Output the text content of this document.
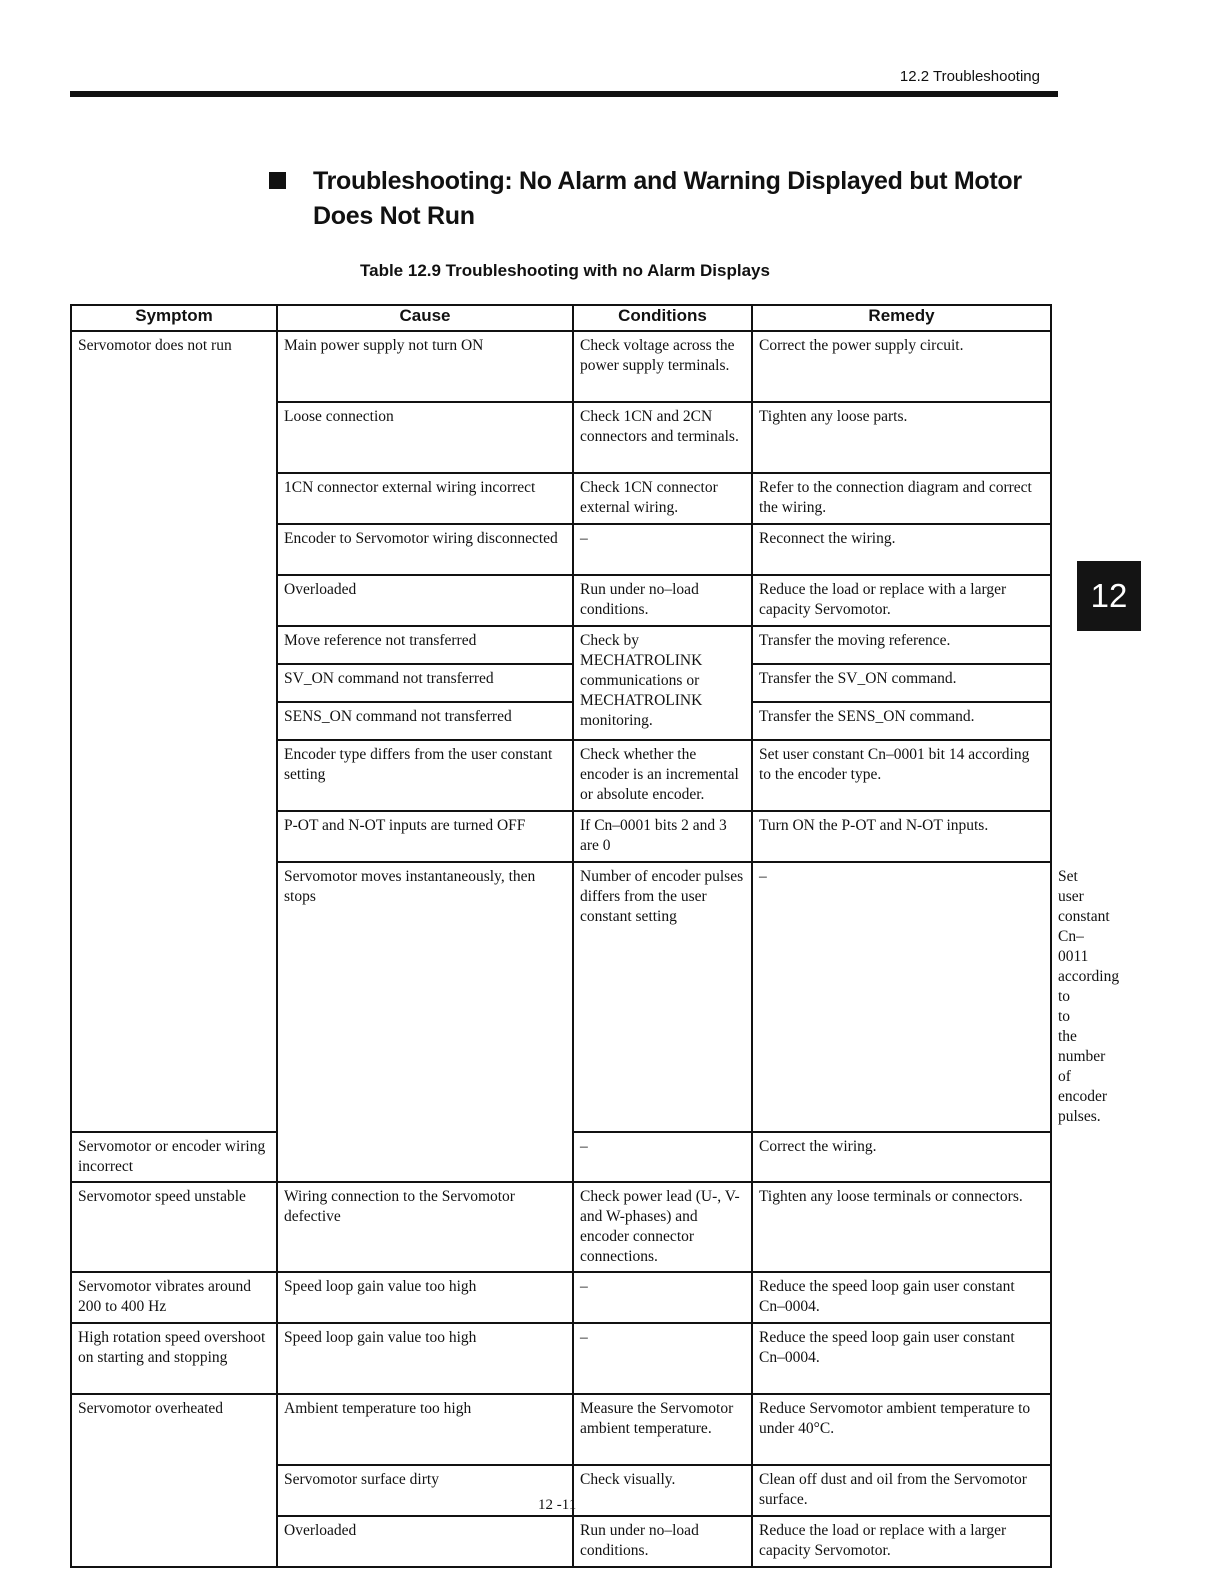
12.2 Troubleshooting
Troubleshooting: No Alarm and Warning Displayed but Motor Does Not Run
Table 12.9 Troubleshooting with no Alarm Displays
Symptom	Cause	Conditions	Remedy	
Servomotor does not run	Main power supply not turn ON	Check voltage across the power supply terminals.	Correct the power supply circuit.	
	Loose connection	Check 1CN and 2CN connectors and terminals.	Tighten any loose parts.	
	1CN connector external wiring incorrect	Check 1CN connector external wiring.	Refer to the connection diagram and correct the wiring.	
	Encoder to Servomotor wiring disconnected	–	Reconnect the wiring.	
	Overloaded	Run under no–load conditions.	Reduce the load or replace with a larger capacity Servomotor.	
	Move reference not transferred	Check by MECHATROLINK communications or MECHATROLINK monitoring.	Transfer the moving reference.	
	SV_ON command not transferred		Transfer the SV_ON command.	
	SENS_ON command not transferred		Transfer the SENS_ON command.	
	Encoder type differs from the user constant setting	Check whether the encoder is an incremental or absolute encoder.	Set user constant Cn–0001 bit 14 according to the encoder type.	
	P-OT and N-OT inputs are turned OFF	If Cn–0001 bits 2 and 3 are 0	Turn ON the P-OT and N-OT inputs.	
	Servomotor moves instantaneously, then stops	Number of encoder pulses differs from the user constant setting	–	Set user constant Cn–0011 according to to the number of encoder pulses.
Servomotor or encoder wiring incorrect		–	Correct the wiring.	
Servomotor speed unstable	Wiring connection to the Servomotor defective	Check power lead (U-, V- and W-phases) and encoder connector connections.	Tighten any loose terminals or connectors.	
Servomotor vibrates around 200 to 400 Hz	Speed loop gain value too high	–	Reduce the speed loop gain user constant Cn–0004.	
High rotation speed overshoot on starting and stopping	Speed loop gain value too high	–	Reduce the speed loop gain user constant Cn–0004.	
Servomotor overheated	Ambient temperature too high	Measure the Servomotor ambient temperature.	Reduce Servomotor ambient temperature to under 40°C.	
	Servomotor surface dirty	Check visually.	Clean off dust and oil from the Servomotor surface.	
	Overloaded	Run under no–load conditions.	Reduce the load or replace with a larger capacity Servomotor.	
12
12 -11
